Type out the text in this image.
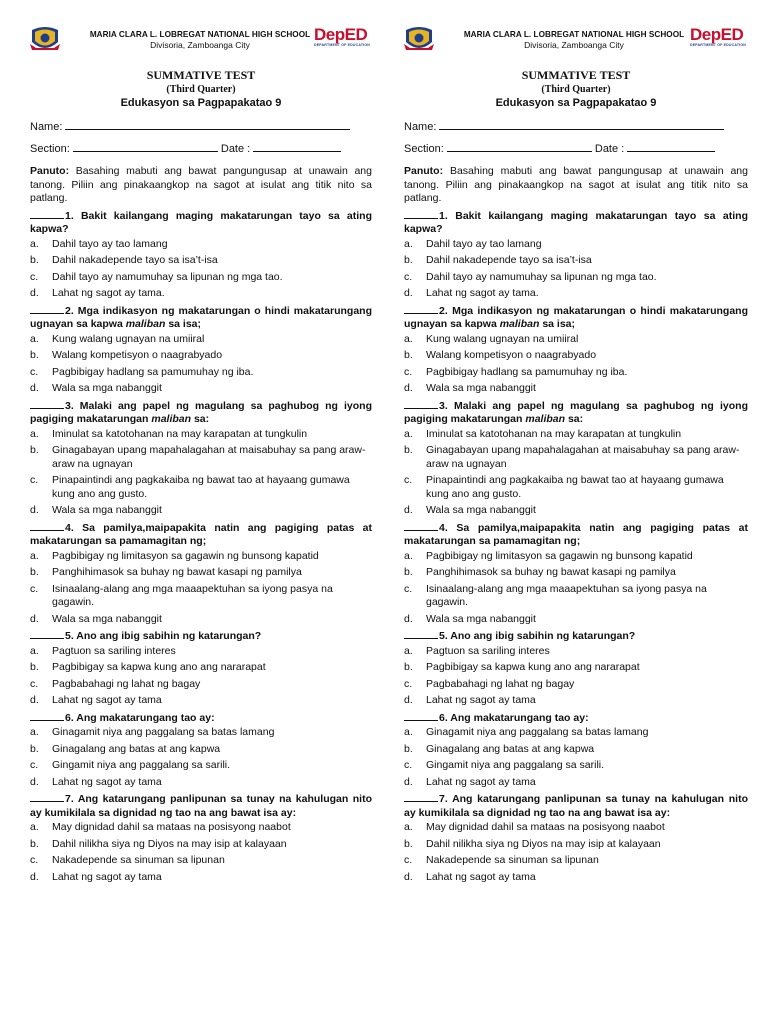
MARIA CLARA L. LOBREGAT NATIONAL HIGH SCHOOL
Divisoria, Zamboanga City
DepED
DEPARTMENT OF EDUCATION
SUMMATIVE TEST
(Third Quarter)
Edukasyon sa Pagpapakatao 9
Name:
Section:	Date :
Panuto: Basahing mabuti ang bawat pangungusap at unawain ang tanong. Piliin ang pinakaangkop na sagot at isulat ang titik nito sa patlang.
1. Bakit kailangang maging makatarungan tayo sa ating kapwa?
a.	Dahil tayo ay tao lamang
b.	Dahil nakadepende tayo sa isa’t-isa
c.	Dahil tayo ay namumuhay sa lipunan ng mga tao.
d.	Lahat ng sagot ay tama.
2. Mga indikasyon ng makatarungan o hindi makatarungang ugnayan sa kapwa maliban sa isa;
a.	Kung walang ugnayan na umiiral
b.	Walang kompetisyon o naagrabyado
c.	Pagbibigay hadlang sa pamumuhay ng iba.
d.	Wala sa mga nabanggit
3. Malaki ang papel ng magulang sa paghubog ng iyong pagiging makatarungan maliban sa:
a.	Iminulat sa katotohanan na may karapatan at tungkulin
b.	Ginagabayan upang mapahalagahan at maisabuhay sa pang araw-araw na ugnayan
c.	Pinapaintindi ang pagkakaiba ng bawat tao at hayaang gumawa kung ano ang gusto.
d.	Wala sa mga nabanggit
4. Sa pamilya,maipapakita natin ang pagiging patas at makatarungan sa pamamagitan ng;
a.	Pagbibigay ng limitasyon sa gagawin ng bunsong kapatid
b.	Panghihimasok sa buhay ng bawat kasapi ng pamilya
c.	Isinaalang-alang ang mga maaapektuhan sa iyong pasya na gagawin.
d.	Wala sa mga nabanggit
5. Ano ang ibig sabihin ng katarungan?
a.	Pagtuon sa sariling interes
b.	Pagbibigay sa kapwa kung ano ang nararapat
c.	Pagbabahagi ng lahat ng bagay
d.	Lahat ng sagot ay tama
6. Ang makatarungang tao ay:
a.	Ginagamit niya ang paggalang sa batas lamang
b.	Ginagalang ang batas at ang kapwa
c.	Gingamit niya ang paggalang sa sarili.
d.	Lahat ng sagot ay tama
7. Ang katarungang panlipunan sa tunay na kahulugan nito ay kumikilala sa dignidad ng tao na ang bawat isa ay:
a.	May dignidad dahil sa mataas na posisyong naabot
b.	Dahil nilikha siya ng Diyos na may isip at kalayaan
c.	Nakadepende sa sinuman sa lipunan
d.	Lahat ng sagot ay tama
MARIA CLARA L. LOBREGAT NATIONAL HIGH SCHOOL
Divisoria, Zamboanga City
DepED
DEPARTMENT OF EDUCATION
SUMMATIVE TEST
(Third Quarter)
Edukasyon sa Pagpapakatao 9
Name:
Section:	Date :
Panuto: Basahing mabuti ang bawat pangungusap at unawain ang tanong. Piliin ang pinakaangkop na sagot at isulat ang titik nito sa patlang.
1. Bakit kailangang maging makatarungan tayo sa ating kapwa?
a.	Dahil tayo ay tao lamang
b.	Dahil nakadepende tayo sa isa’t-isa
c.	Dahil tayo ay namumuhay sa lipunan ng mga tao.
d.	Lahat ng sagot ay tama.
2. Mga indikasyon ng makatarungan o hindi makatarungang ugnayan sa kapwa maliban sa isa;
a.	Kung walang ugnayan na umiiral
b.	Walang kompetisyon o naagrabyado
c.	Pagbibigay hadlang sa pamumuhay ng iba.
d.	Wala sa mga nabanggit
3. Malaki ang papel ng magulang sa paghubog ng iyong pagiging makatarungan maliban sa:
a.	Iminulat sa katotohanan na may karapatan at tungkulin
b.	Ginagabayan upang mapahalagahan at maisabuhay sa pang araw-araw na ugnayan
c.	Pinapaintindi ang pagkakaiba ng bawat tao at hayaang gumawa kung ano ang gusto.
d.	Wala sa mga nabanggit
4. Sa pamilya,maipapakita natin ang pagiging patas at makatarungan sa pamamagitan ng;
a.	Pagbibigay ng limitasyon sa gagawin ng bunsong kapatid
b.	Panghihimasok sa buhay ng bawat kasapi ng pamilya
c.	Isinaalang-alang ang mga maaapektuhan sa iyong pasya na gagawin.
d.	Wala sa mga nabanggit
5. Ano ang ibig sabihin ng katarungan?
a.	Pagtuon sa sariling interes
b.	Pagbibigay sa kapwa kung ano ang nararapat
c.	Pagbabahagi ng lahat ng bagay
d.	Lahat ng sagot ay tama
6. Ang makatarungang tao ay:
a.	Ginagamit niya ang paggalang sa batas lamang
b.	Ginagalang ang batas at ang kapwa
c.	Gingamit niya ang paggalang sa sarili.
d.	Lahat ng sagot ay tama
7. Ang katarungang panlipunan sa tunay na kahulugan nito ay kumikilala sa dignidad ng tao na ang bawat isa ay:
a.	May dignidad dahil sa mataas na posisyong naabot
b.	Dahil nilikha siya ng Diyos na may isip at kalayaan
c.	Nakadepende sa sinuman sa lipunan
d.	Lahat ng sagot ay tama
